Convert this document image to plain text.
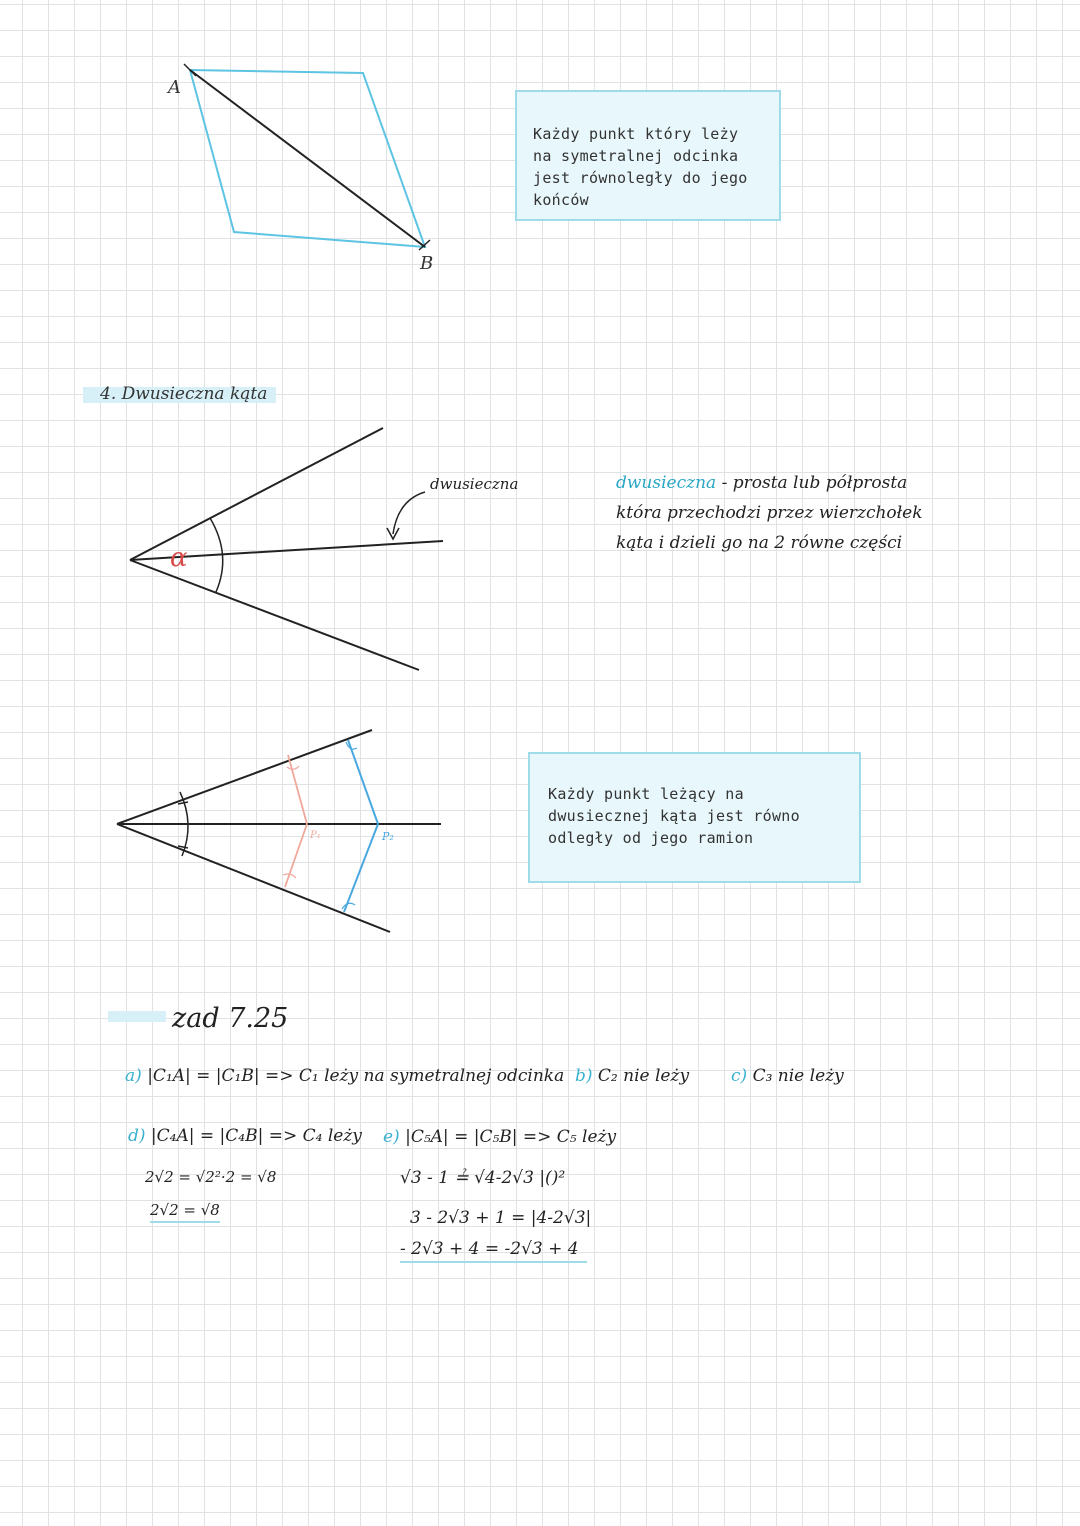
A
B
α
dwusieczna
P₁	P₂
Każdy punkt który leży na symetralnej odcinka jest równoległy do jego końców
4. Dwusieczna kąta
dwusieczna - prosta lub półprosta która przechodzi przez wierzchołek kąta i dzieli go na 2 równe części
Każdy punkt leżący na dwusiecznej kąta jest równo odległy od jego ramion
zad 7.25
a) |C₁A| = |C₁B| => C₁ leży na symetralnej odcinka b) C₂ nie leży c) C₃ nie leży
d) |C₄A| = |C₄B| => C₄ leży
2√2 = √2²·2 = √8
2√2 = √8
e) |C₅A| = |C₅B| => C₅ leży
√3 - 1 ≟ √4-2√3 |()²
3 - 2√3 + 1 = |4-2√3|
- 2√3 + 4 = -2√3 + 4
